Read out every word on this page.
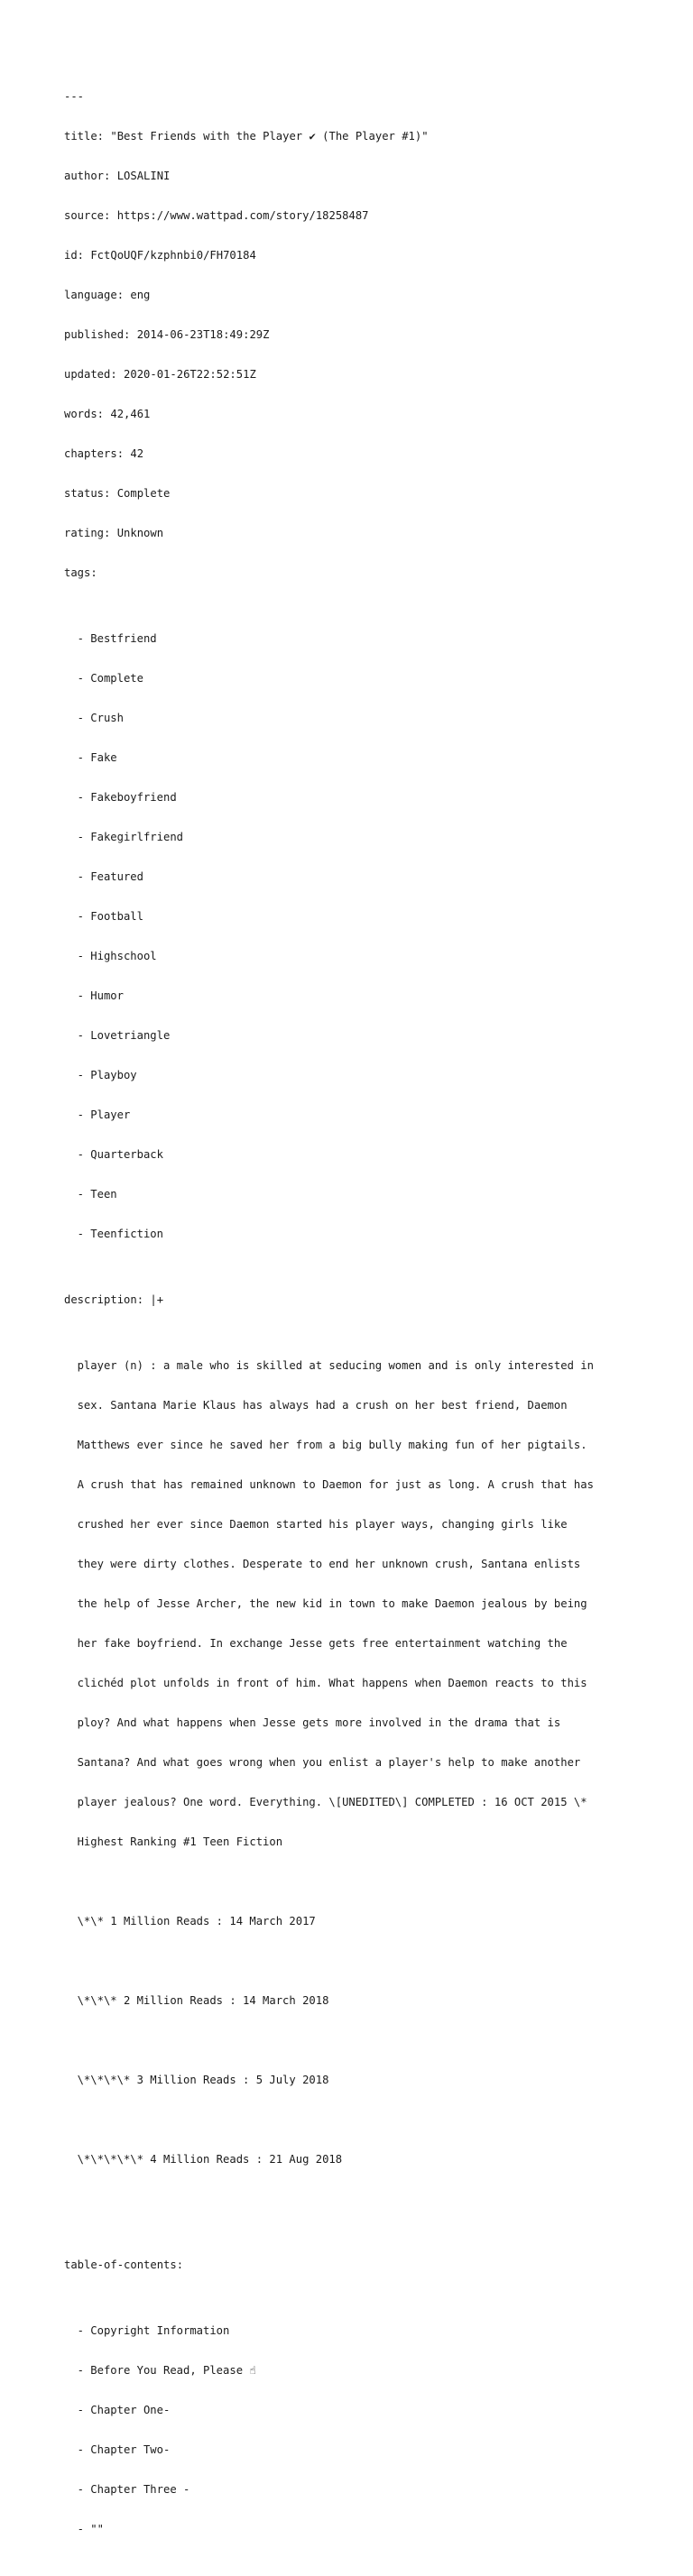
---

title: "Best Friends with the Player ✔ (The Player #1)"

author: LOSALINI

source: https://www.wattpad.com/story/18258487

id: FctQoUQF/kzphnbi0/FH70184

language: eng

published: 2014-06-23T18:49:29Z

updated: 2020-01-26T22:52:51Z

words: 42,461

chapters: 42

status: Complete

rating: Unknown

tags:

- Bestfriend

- Complete

- Crush

- Fake

- Fakeboyfriend

- Fakegirlfriend

- Featured

- Football

- Highschool

- Humor

- Lovetriangle

- Playboy

- Player

- Quarterback

- Teen

- Teenfiction

description: |+

player (n) : a male who is skilled at seducing women and is only interested in

sex. Santana Marie Klaus has always had a crush on her best friend, Daemon

Matthews ever since he saved her from a big bully making fun of her pigtails.

A crush that has remained unknown to Daemon for just as long. A crush that has

crushed her ever since Daemon started his player ways, changing girls like

they were dirty clothes. Desperate to end her unknown crush, Santana enlists

the help of Jesse Archer, the new kid in town to make Daemon jealous by being

her fake boyfriend. In exchange Jesse gets free entertainment watching the

clichéd plot unfolds in front of him. What happens when Daemon reacts to this

ploy? And what happens when Jesse gets more involved in the drama that is

Santana? And what goes wrong when you enlist a player's help to make another

player jealous? One word. Everything. \[UNEDITED\] COMPLETED : 16 OCT 2015 \*

Highest Ranking #1 Teen Fiction

\*\* 1 Million Reads : 14 March 2017

\*\*\* 2 Million Reads : 14 March 2018

\*\*\*\* 3 Million Reads : 5 July 2018

\*\*\*\*\* 4 Million Reads : 21 Aug 2018

table-of-contents:

- Copyright Information

- Before You Read, Please ☝

- Chapter One-

- Chapter Two-

- Chapter Three -

- ""
